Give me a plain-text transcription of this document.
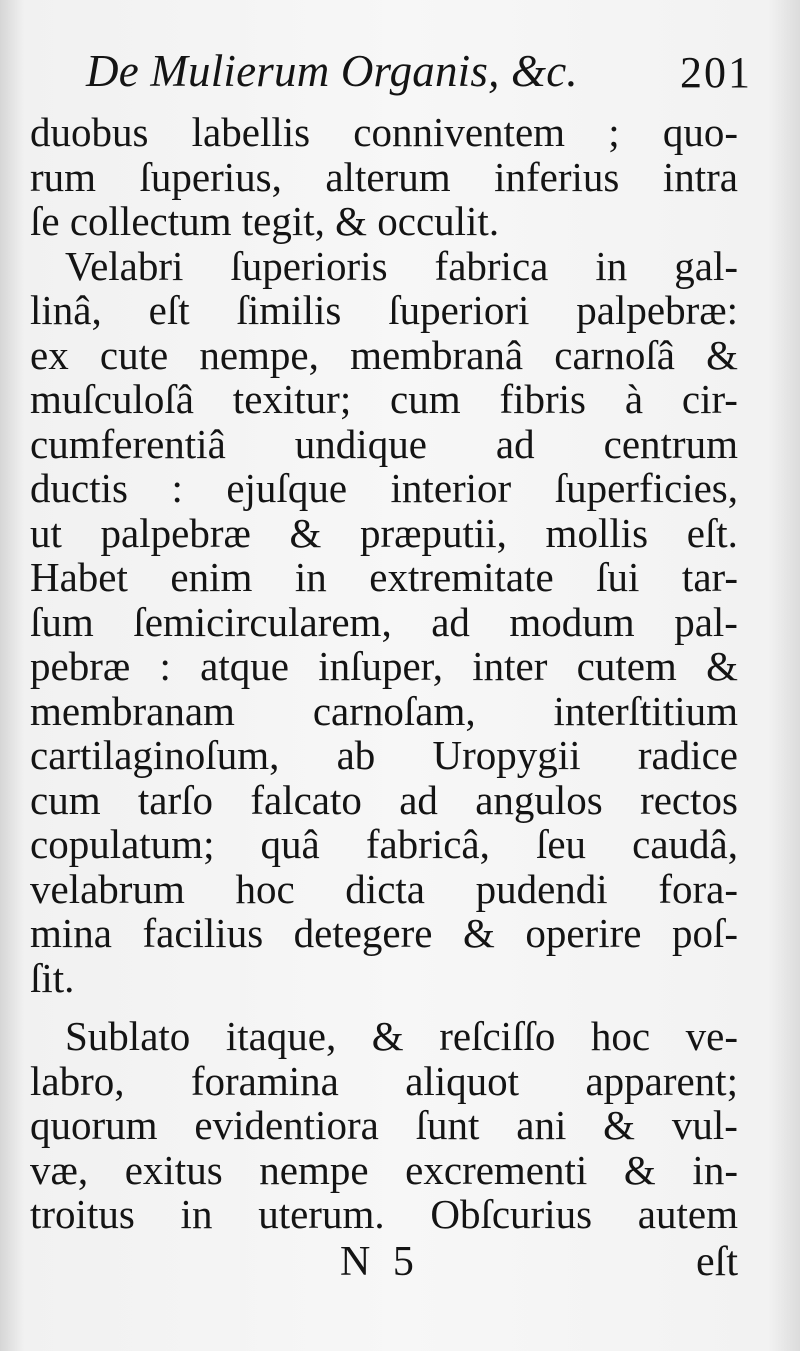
De Mulierum Organis, &c. 201
duobus labellis conniventem ; quo-
rum ſuperius, alterum inferius intra
ſe collectum tegit, & occulit.
Velabri ſuperioris fabrica in gal-
linâ, eſt ſimilis ſuperiori palpebræ:
ex cute nempe, membranâ carnoſâ &
muſculoſâ texitur; cum fibris à cir-
cumferentiâ undique ad centrum
ductis : ejuſque interior ſuperficies,
ut palpebræ & præputii, mollis eſt.
Habet enim in extremitate ſui tar-
ſum ſemicircularem, ad modum pal-
pebræ : atque inſuper, inter cutem &
membranam carnoſam, interſtitium
cartilaginoſum, ab Uropygii radice
cum tarſo falcato ad angulos rectos
copulatum; quâ fabricâ, ſeu caudâ,
velabrum hoc dicta pudendi fora-
mina facilius detegere & operire poſ-
ſit.
Sublato itaque, & reſciſſo hoc ve-
labro, foramina aliquot apparent;
quorum evidentiora ſunt ani & vul-
væ, exitus nempe excrementi & in-
troitus in uterum. Obſcurius autem
N 5	eſt
